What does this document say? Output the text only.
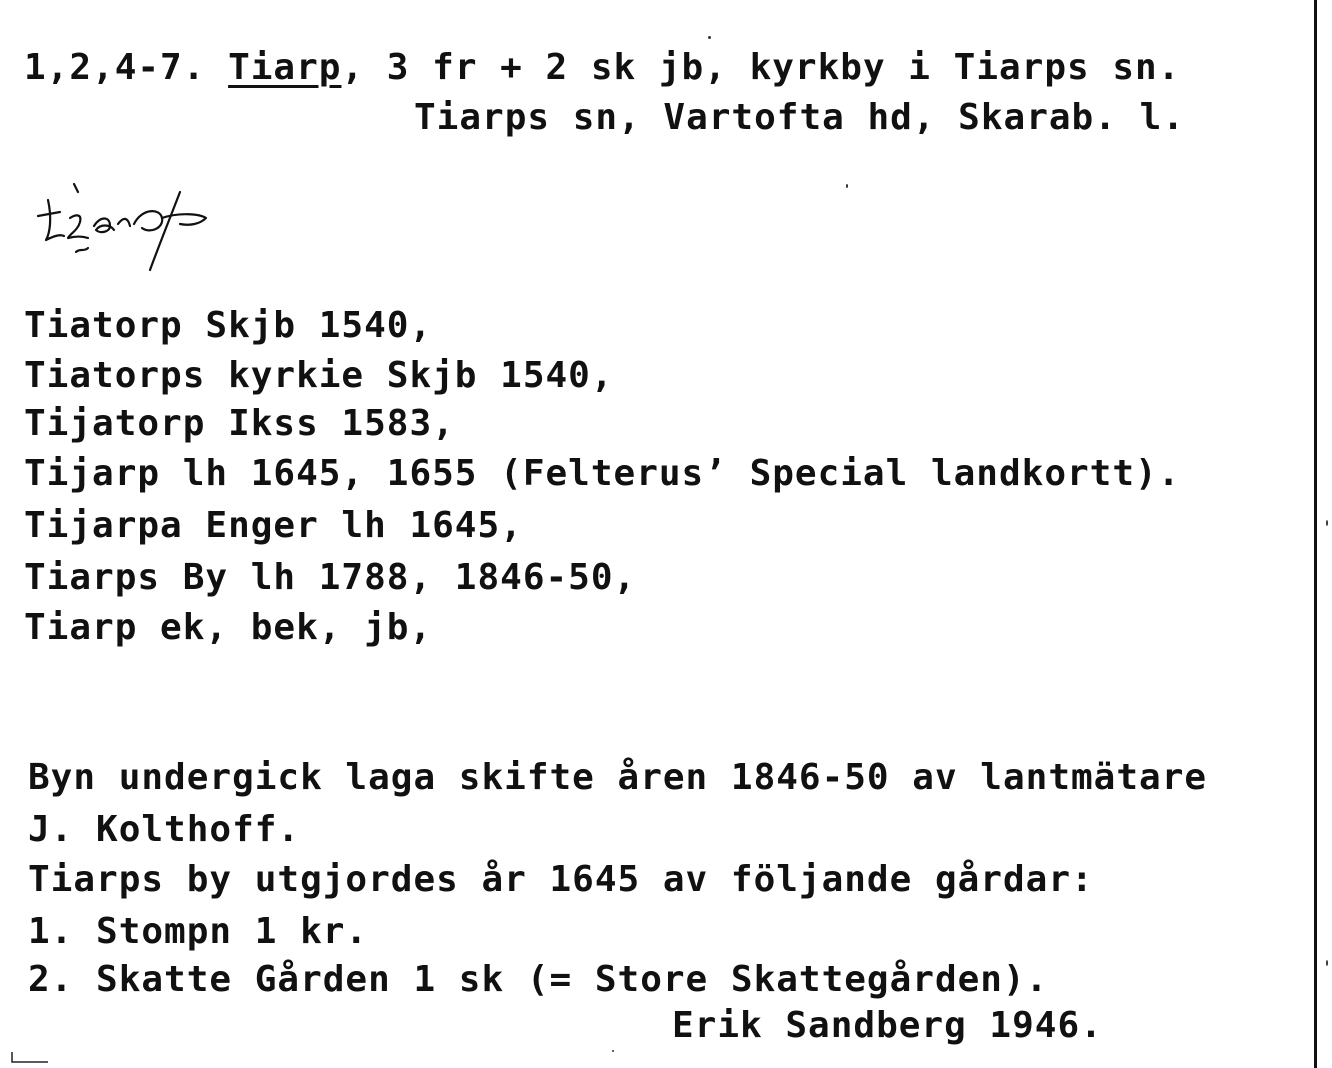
1,2,4-7. Tiarp, 3 fr + 2 sk jb, kyrkby i Tiarps sn.
Tiarps sn, Vartofta hd, Skarab. l.
Tiatorp Skjb 1540,
Tiatorps kyrkie Skjb 1540,
Tijatorp Ikss 1583,
Tijarp lh 1645, 1655 (Felterus’ Special landkortt).
Tijarpa Enger lh 1645,
Tiarps By lh 1788, 1846-50,
Tiarp ek, bek, jb,
Byn undergick laga skifte åren 1846-50 av lantmätare
J. Kolthoff.
Tiarps by utgjordes år 1645 av följande gårdar:
1. Stompn 1 kr.
2. Skatte Gården 1 sk (= Store Skattegården).
Erik Sandberg 1946.
